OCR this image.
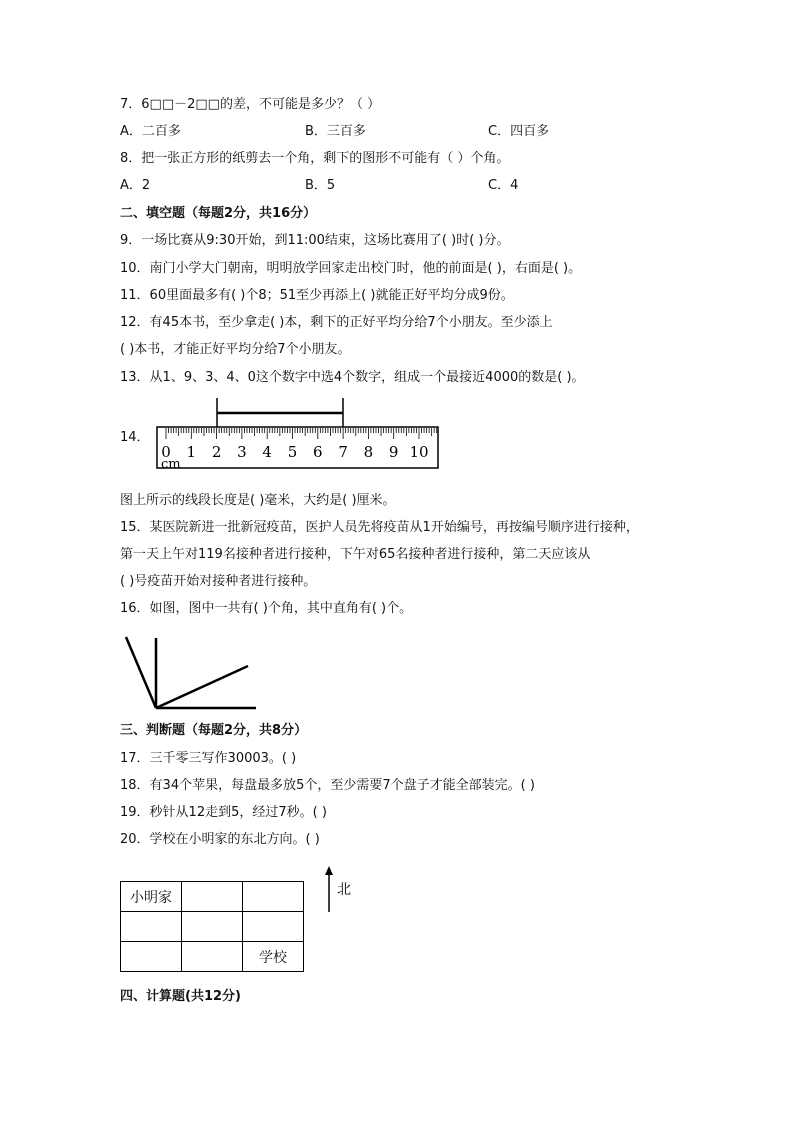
7．6□□－2□□的差，不可能是多少？（ ）
A．二百多	B．三百多	C．四百多
8．把一张正方形的纸剪去一个角，剩下的图形不可能有（ ）个角。
A．2	B．5	C．4
二、填空题（每题2分，共16分）
9．一场比赛从9:30开始，到11:00结束，这场比赛用了( )时( )分。
10．南门小学大门朝南，明明放学回家走出校门时，他的前面是( )，右面是( )。
11．60里面最多有( )个8；51至少再添上( )就能正好平均分成9份。
12．有45本书，至少拿走( )本，剩下的正好平均分给7个小朋友。至少添上
( )本书，才能正好平均分给7个小朋友。
13．从1、9、3、4、0这个数字中选4个数字，组成一个最接近4000的数是( )。
14．
0 1 2 3 4 5 6 7 8 9 10
cm
图上所示的线段长度是( )毫米，大约是( )厘米。
15．某医院新进一批新冠疫苗，医护人员先将疫苗从1开始编号，再按编号顺序进行接种，
第一天上午对119名接种者进行接种，下午对65名接种者进行接种，第二天应该从
( )号疫苗开始对接种者进行接种。
16．如图，图中一共有( )个角，其中直角有( )个。
三、判断题（每题2分，共8分）
17．三千零三写作30003。( )
18．有34个苹果，每盘最多放5个，至少需要7个盘子才能全部装完。( )
19．秒针从12走到5，经过7秒。( )
20．学校在小明家的东北方向。( )
小明家		

		学校
北
四、计算题(共12分)
